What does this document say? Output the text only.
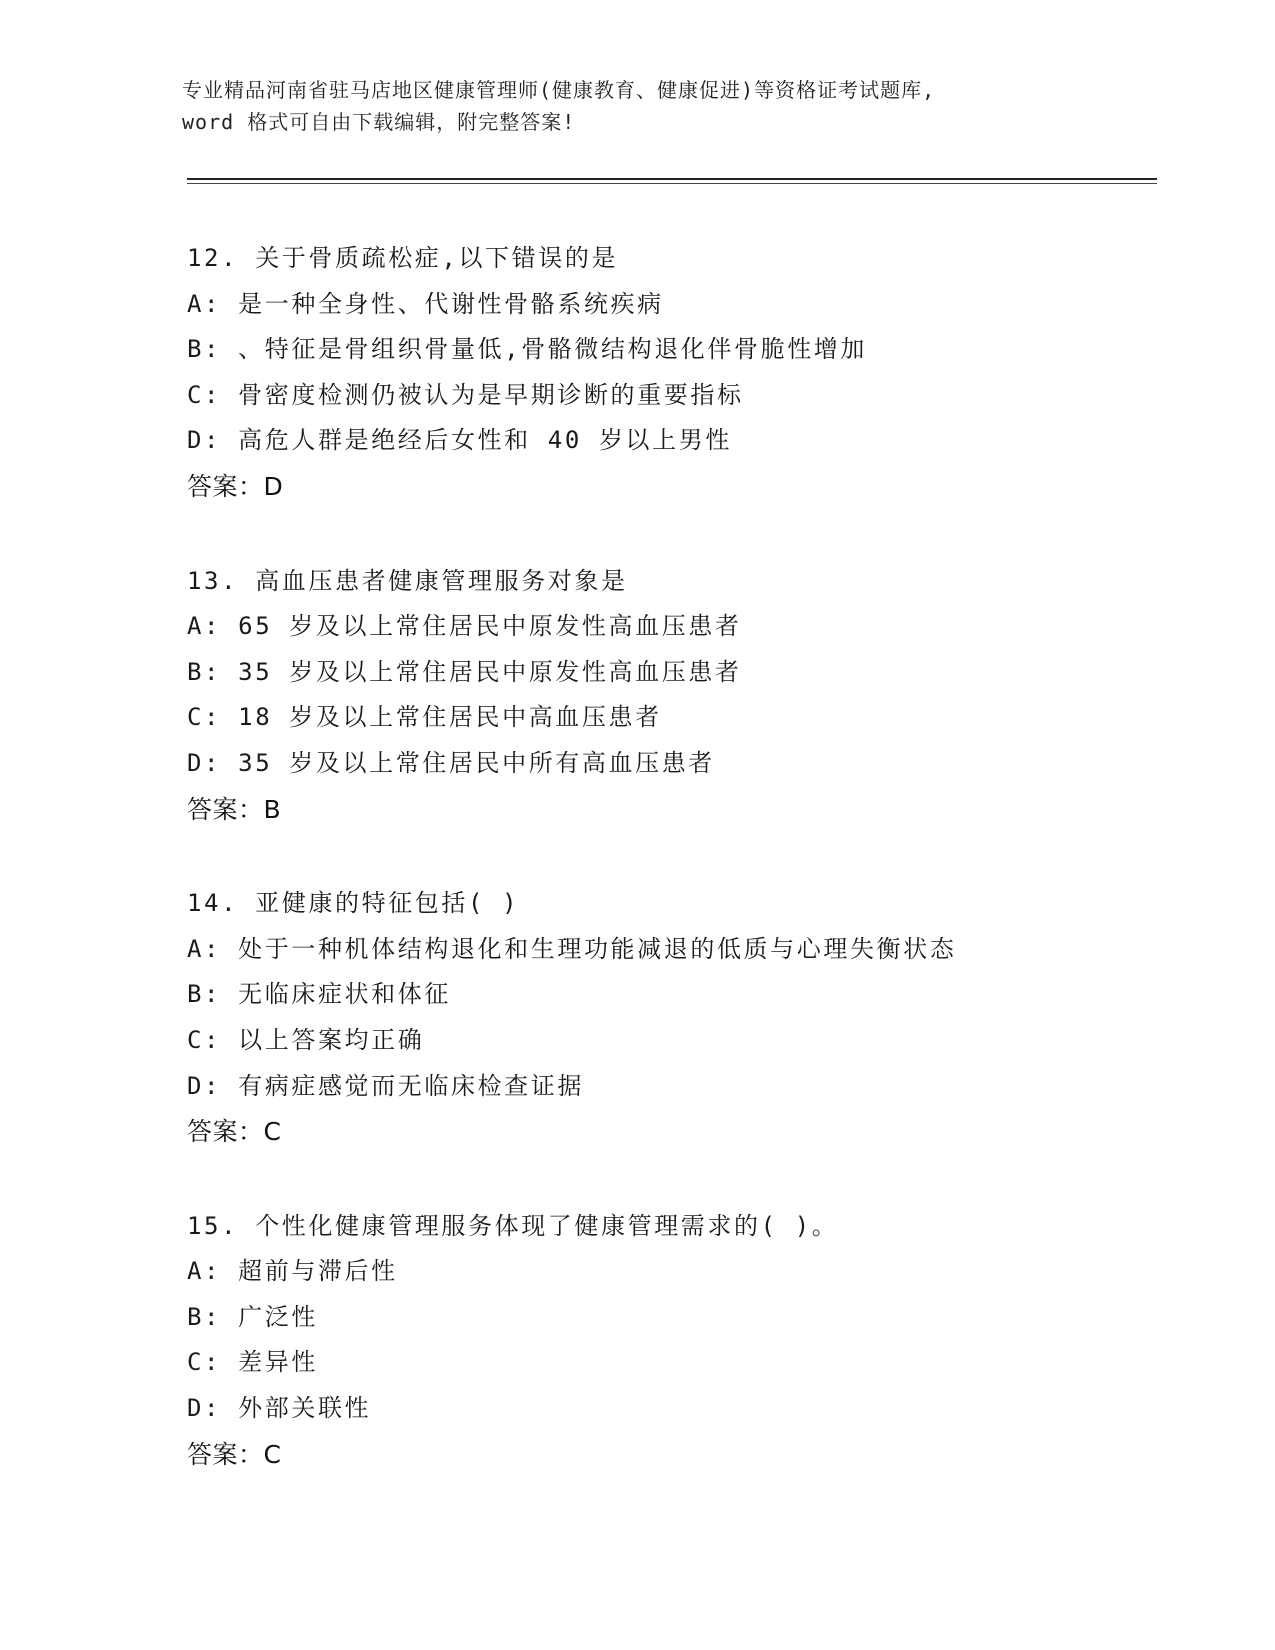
专业精品河南省驻马店地区健康管理师(健康教育、健康促进)等资格证考试题库,
word 格式可自由下载编辑，附完整答案!
12. 关于骨质疏松症,以下错误的是
A: 是一种全身性、代谢性骨骼系统疾病
B: 、特征是骨组织骨量低,骨骼微结构退化伴骨脆性增加
C: 骨密度检测仍被认为是早期诊断的重要指标
D: 高危人群是绝经后女性和 40 岁以上男性
答案：D
13. 高血压患者健康管理服务对象是
A: 65 岁及以上常住居民中原发性高血压患者
B: 35 岁及以上常住居民中原发性高血压患者
C: 18 岁及以上常住居民中高血压患者
D: 35 岁及以上常住居民中所有高血压患者
答案：B
14. 亚健康的特征包括( )
A: 处于一种机体结构退化和生理功能减退的低质与心理失衡状态
B: 无临床症状和体征
C: 以上答案均正确
D: 有病症感觉而无临床检查证据
答案：C
15. 个性化健康管理服务体现了健康管理需求的( )。
A: 超前与滞后性
B: 广泛性
C: 差异性
D: 外部关联性
答案：C
